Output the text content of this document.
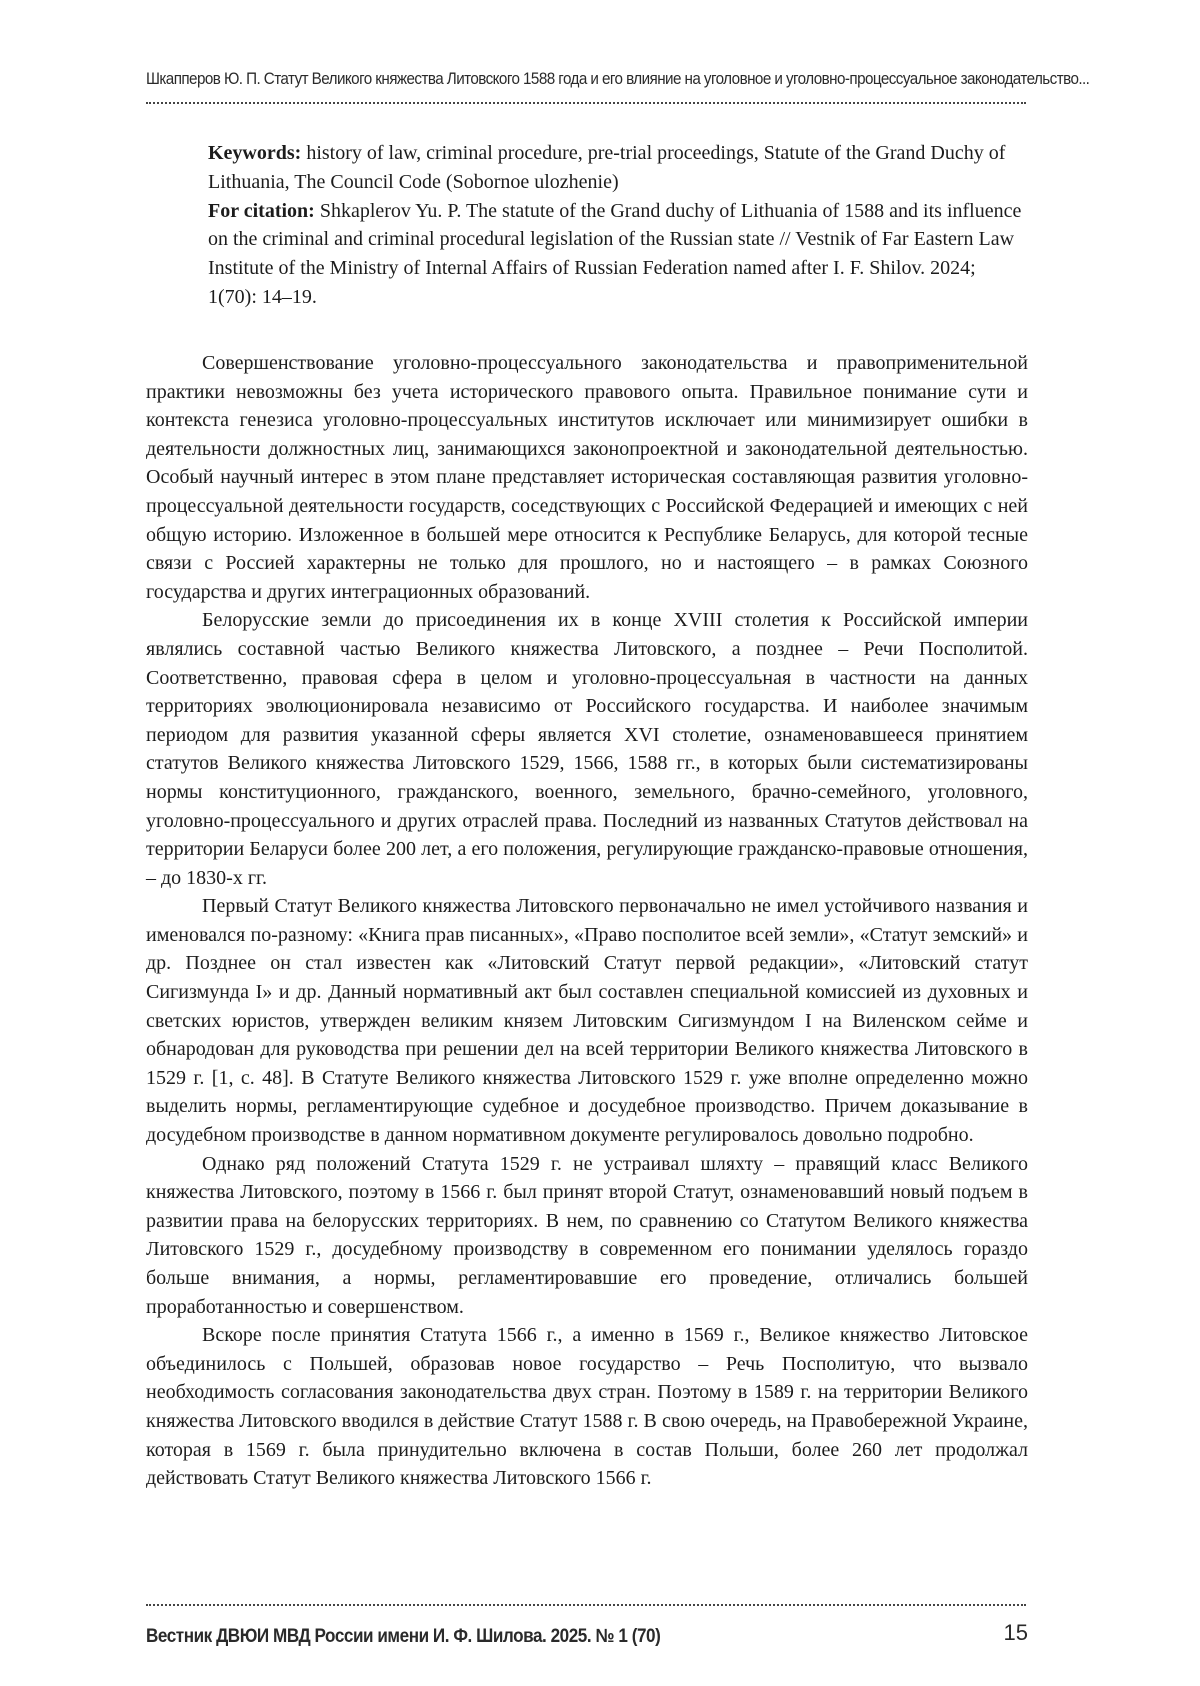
Шкапперов Ю. П. Статут Великого княжества Литовского 1588 года и его влияние на уголовное и уголовно-процессуальное законодательство...

Keywords: history of law, criminal procedure, pre-trial proceedings, Statute of the Grand Duchy of Lithuania, The Council Code (Sobornoe ulozhenie)

For citation: Shkaplerov Yu. P. The statute of the Grand duchy of Lithuania of 1588 and its influence on the criminal and criminal procedural legislation of the Russian state // Vestnik of Far Eastern Law Institute of the Ministry of Internal Affairs of Russian Federation named after I. F. Shilov. 2024; 1(70): 14–19.

Совершенствование уголовно-процессуального законодательства и правоприменительной практики невозможны без учета исторического правового опыта. Правильное понимание сути и контекста генезиса уголовно-процессуальных институтов исключает или минимизирует ошибки в деятельности должностных лиц, занимающихся законопроектной и законодательной деятельностью. Особый научный интерес в этом плане представляет историческая составляющая развития уголовно-процессуальной деятельности государств, соседствующих с Российской Федерацией и имеющих с ней общую историю. Изложенное в большей мере относится к Республике Беларусь, для которой тесные связи с Россией характерны не только для прошлого, но и настоящего – в рамках Союзного государства и других интеграционных образований.

Белорусские земли до присоединения их в конце XVIII столетия к Российской империи являлись составной частью Великого княжества Литовского, а позднее – Речи Посполитой. Соответственно, правовая сфера в целом и уголовно-процессуальная в частности на данных территориях эволюционировала независимо от Российского государства. И наиболее значимым периодом для развития указанной сферы является XVI столетие, ознаменовавшееся принятием статутов Великого княжества Литовского 1529, 1566, 1588 гг., в которых были систематизированы нормы конституционного, гражданского, военного, земельного, брачно-семейного, уголовного, уголовно-процессуального и других отраслей права. Последний из названных Статутов действовал на территории Беларуси более 200 лет, а его положения, регулирующие гражданско-правовые отношения, – до 1830-х гг.

Первый Статут Великого княжества Литовского первоначально не имел устойчивого названия и именовался по-разному: «Книга прав писанных», «Право посполитое всей земли», «Статут земский» и др. Позднее он стал известен как «Литовский Статут первой редакции», «Литовский статут Сигизмунда I» и др. Данный нормативный акт был составлен специальной комиссией из духовных и светских юристов, утвержден великим князем Литовским Сигизмундом I на Виленском сейме и обнародован для руководства при решении дел на всей территории Великого княжества Литовского в 1529 г. [1, с. 48]. В Статуте Великого княжества Литовского 1529 г. уже вполне определенно можно выделить нормы, регламентирующие судебное и досудебное производство. Причем доказывание в досудебном производстве в данном нормативном документе регулировалось довольно подробно.

Однако ряд положений Статута 1529 г. не устраивал шляхту – правящий класс Великого княжества Литовского, поэтому в 1566 г. был принят второй Статут, ознаменовавший новый подъем в развитии права на белорусских территориях. В нем, по сравнению со Статутом Великого княжества Литовского 1529 г., досудебному производству в современном его понимании уделялось гораздо больше внимания, а нормы, регламентировавшие его проведение, отличались большей проработанностью и совершенством.

Вскоре после принятия Статута 1566 г., а именно в 1569 г., Великое княжество Литовское объединилось с Польшей, образовав новое государство – Речь Посполитую, что вызвало необходимость согласования законодательства двух стран. Поэтому в 1589 г. на территории Великого княжества Литовского вводился в действие Статут 1588 г. В свою очередь, на Правобережной Украине, которая в 1569 г. была принудительно включена в состав Польши, более 260 лет продолжал действовать Статут Великого княжества Литовского 1566 г.

Вестник ДВЮИ МВД России имени И. Ф. Шилова. 2025. № 1 (70)	15
